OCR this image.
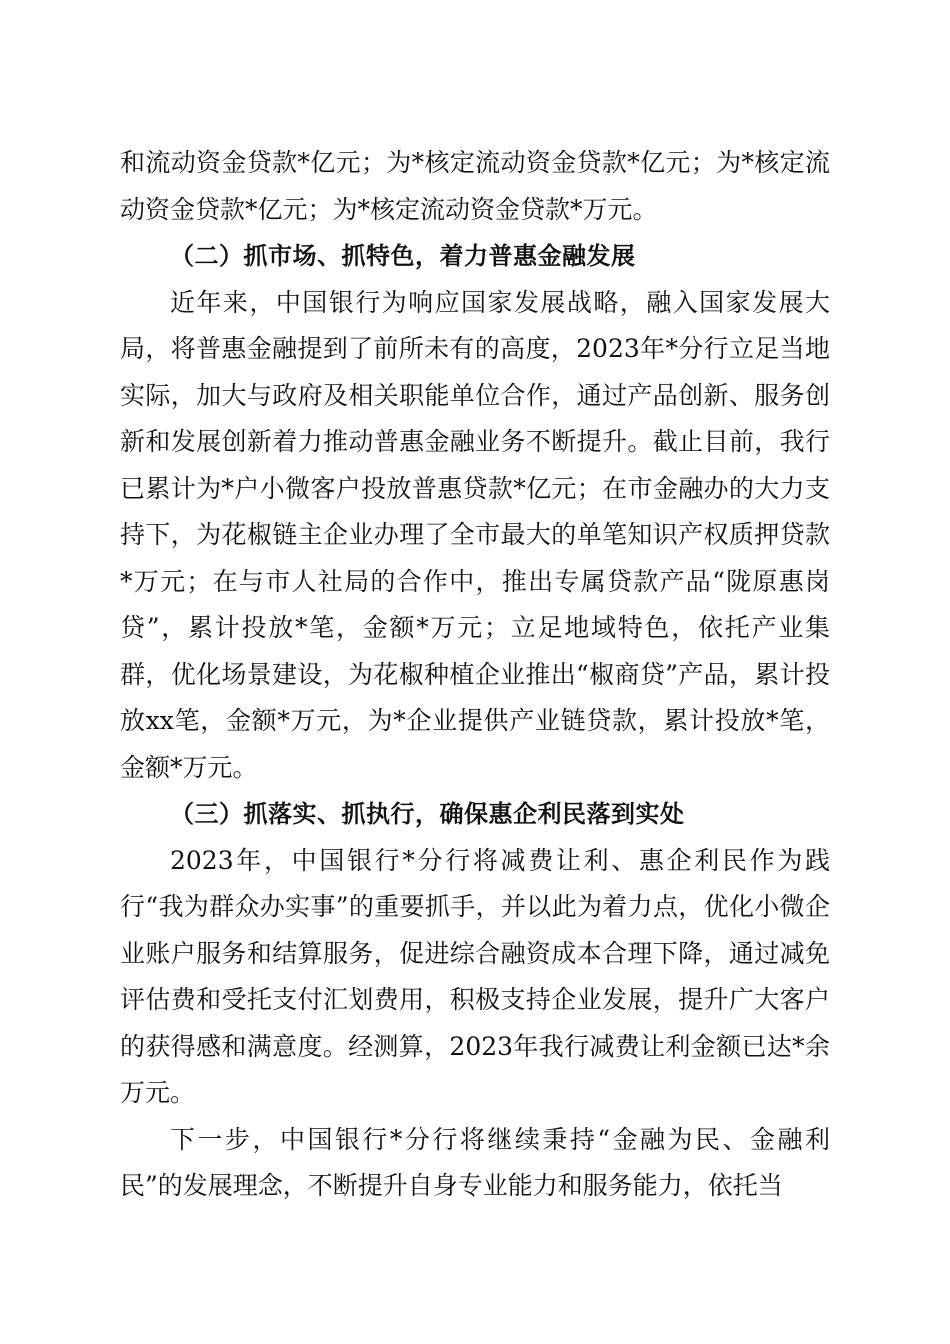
和流动资金贷款*亿元；为*核定流动资金贷款*亿元；为*核定流动资金贷款*亿元；为*核定流动资金贷款*万元。

（二）抓市场、抓特色，着力普惠金融发展

近年来，中国银行为响应国家发展战略，融入国家发展大局，将普惠金融提到了前所未有的高度，2023年*分行立足当地实际，加大与政府及相关职能单位合作，通过产品创新、服务创新和发展创新着力推动普惠金融业务不断提升。截止目前，我行已累计为*户小微客户投放普惠贷款*亿元；在市金融办的大力支持下，为花椒链主企业办理了全市最大的单笔知识产权质押贷款*万元；在与市人社局的合作中，推出专属贷款产品“陇原惠岗贷”，累计投放*笔，金额*万元；立足地域特色，依托产业集群，优化场景建设，为花椒种植企业推出“椒商贷”产品，累计投放xx笔，金额*万元，为*企业提供产业链贷款，累计投放*笔，金额*万元。

（三）抓落实、抓执行，确保惠企利民落到实处

2023年，中国银行*分行将减费让利、惠企利民作为践行“我为群众办实事”的重要抓手，并以此为着力点，优化小微企业账户服务和结算服务，促进综合融资成本合理下降，通过减免评估费和受托支付汇划费用，积极支持企业发展，提升广大客户的获得感和满意度。经测算，2023年我行减费让利金额已达*余万元。

下一步，中国银行*分行将继续秉持“金融为民、金融利民”的发展理念，不断提升自身专业能力和服务能力，依托当
